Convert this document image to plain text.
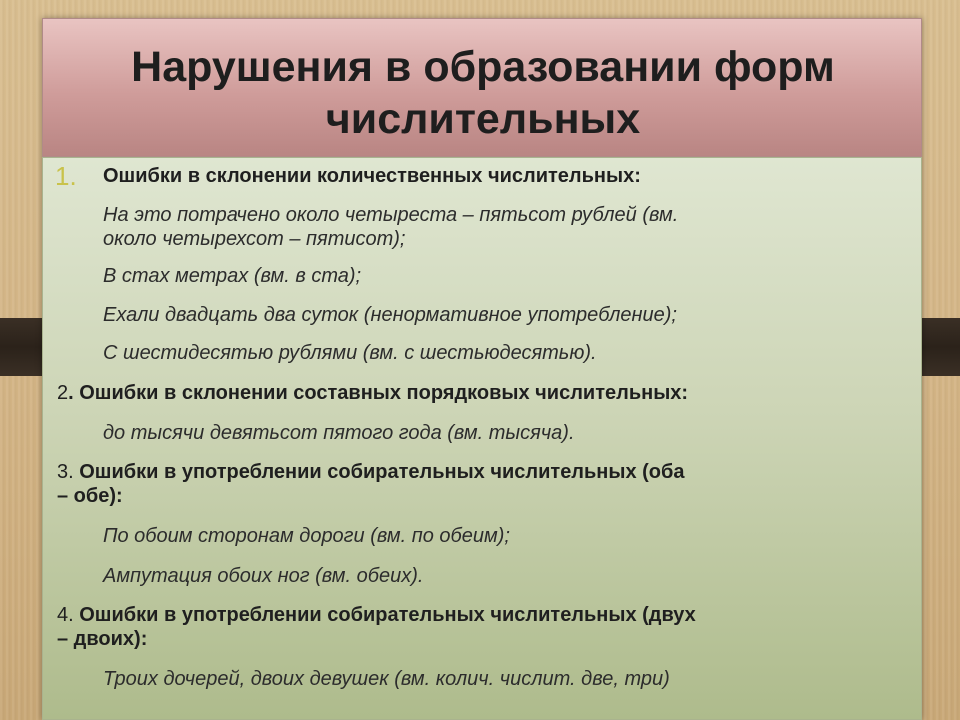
Нарушения в образовании форм
числительных
1. Ошибки в склонении количественных числительных:
На это потрачено около четыреста – пятьсот рублей (вм.
около четырехсот – пятисот);
В стах метрах (вм. в ста);
Ехали двадцать два суток (ненормативное употребление);
С шестидесятью рублями (вм. с шестьюдесятью).
2. Ошибки в склонении составных порядковых числительных:
до тысячи девятьсот пятого года (вм. тысяча).
3. Ошибки в употреблении собирательных числительных (оба
– обе):
По обоим сторонам дороги (вм. по обеим);
Ампутация обоих ног (вм. обеих).
4. Ошибки в употреблении собирательных числительных (двух
– двоих):
Троих дочерей, двоих девушек (вм. колич. числит. две, три)
